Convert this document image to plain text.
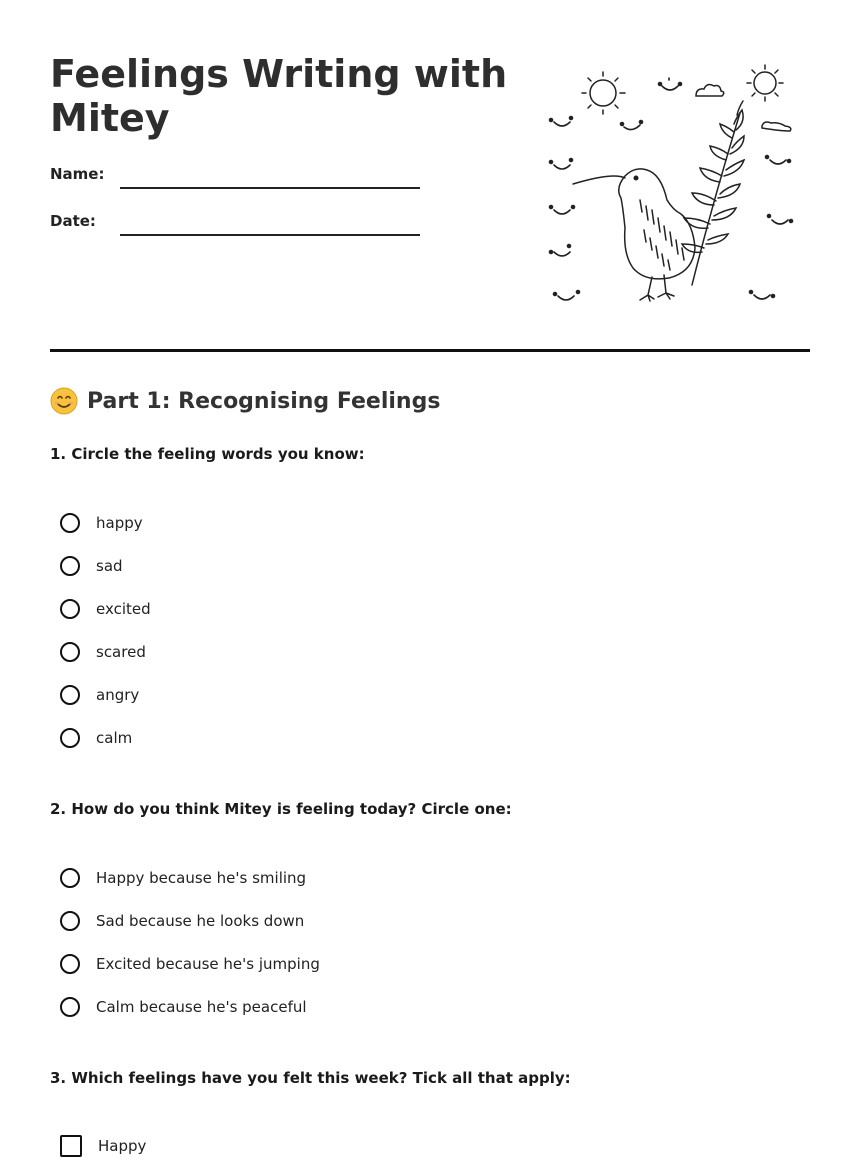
Feelings Writing with Mitey
Name:
Date:
Part 1: Recognising Feelings
1. Circle the feeling words you know:
happy
sad
excited
scared
angry
calm
2. How do you think Mitey is feeling today? Circle one:
Happy because he's smiling
Sad because he looks down
Excited because he's jumping
Calm because he's peaceful
3. Which feelings have you felt this week? Tick all that apply:
Happy
